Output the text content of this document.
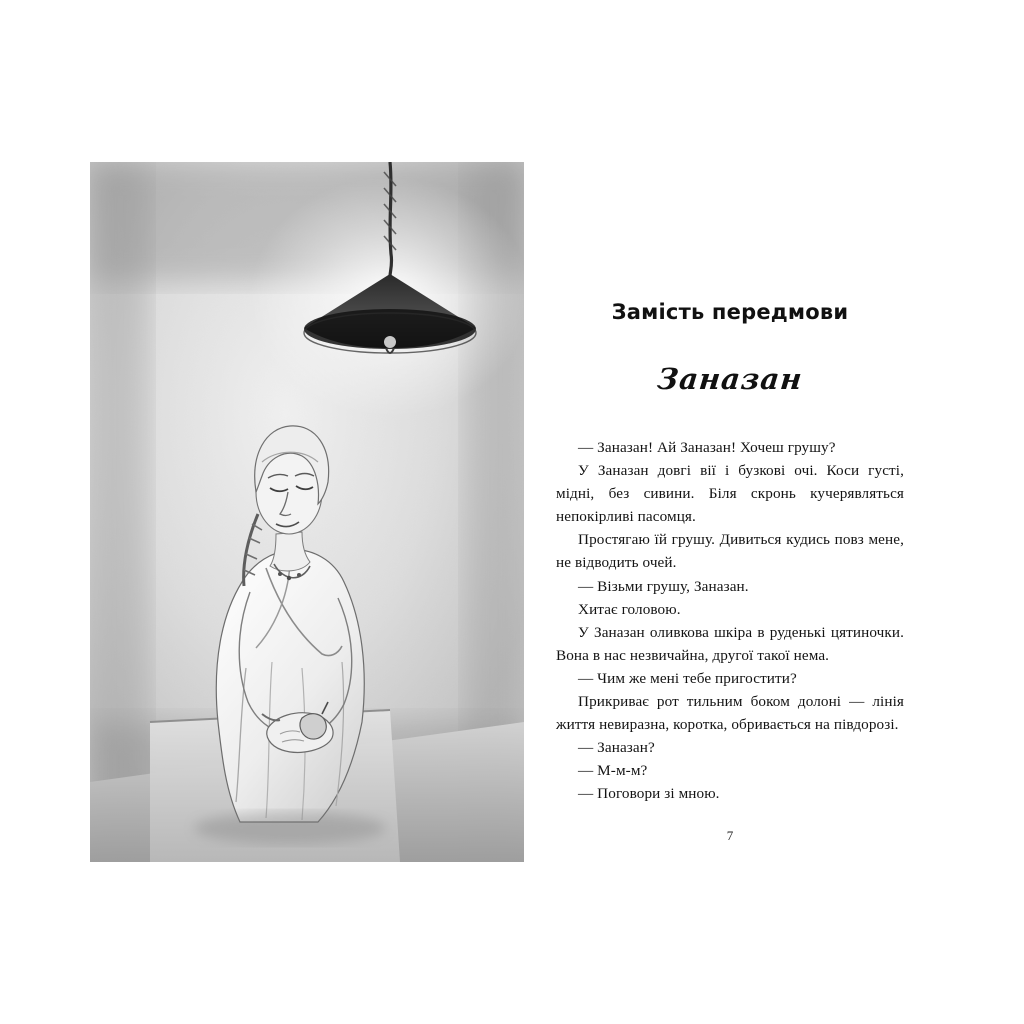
Замість передмови
Заназан

— Заназан! Ай Заназан! Хочеш грушу?

У Заназан довгі вії і бузкові очі. Коси густі, мідні, без сивини. Біля скронь кучерявляться непокірливі пасомця.

Простягаю їй грушу. Дивиться кудись повз мене, не відводить очей.

— Візьми грушу, Заназан.

Хитає головою.

У Заназан оливкова шкіра в руденькі цятиночки. Вона в нас незвичайна, другої такої нема.

— Чим же мені тебе пригостити?

Прикриває рот тильним боком долоні — лінія життя невиразна, коротка, обривається на півдорозі.

— Заназан?

— М-м-м?

— Поговори зі мною.

7
